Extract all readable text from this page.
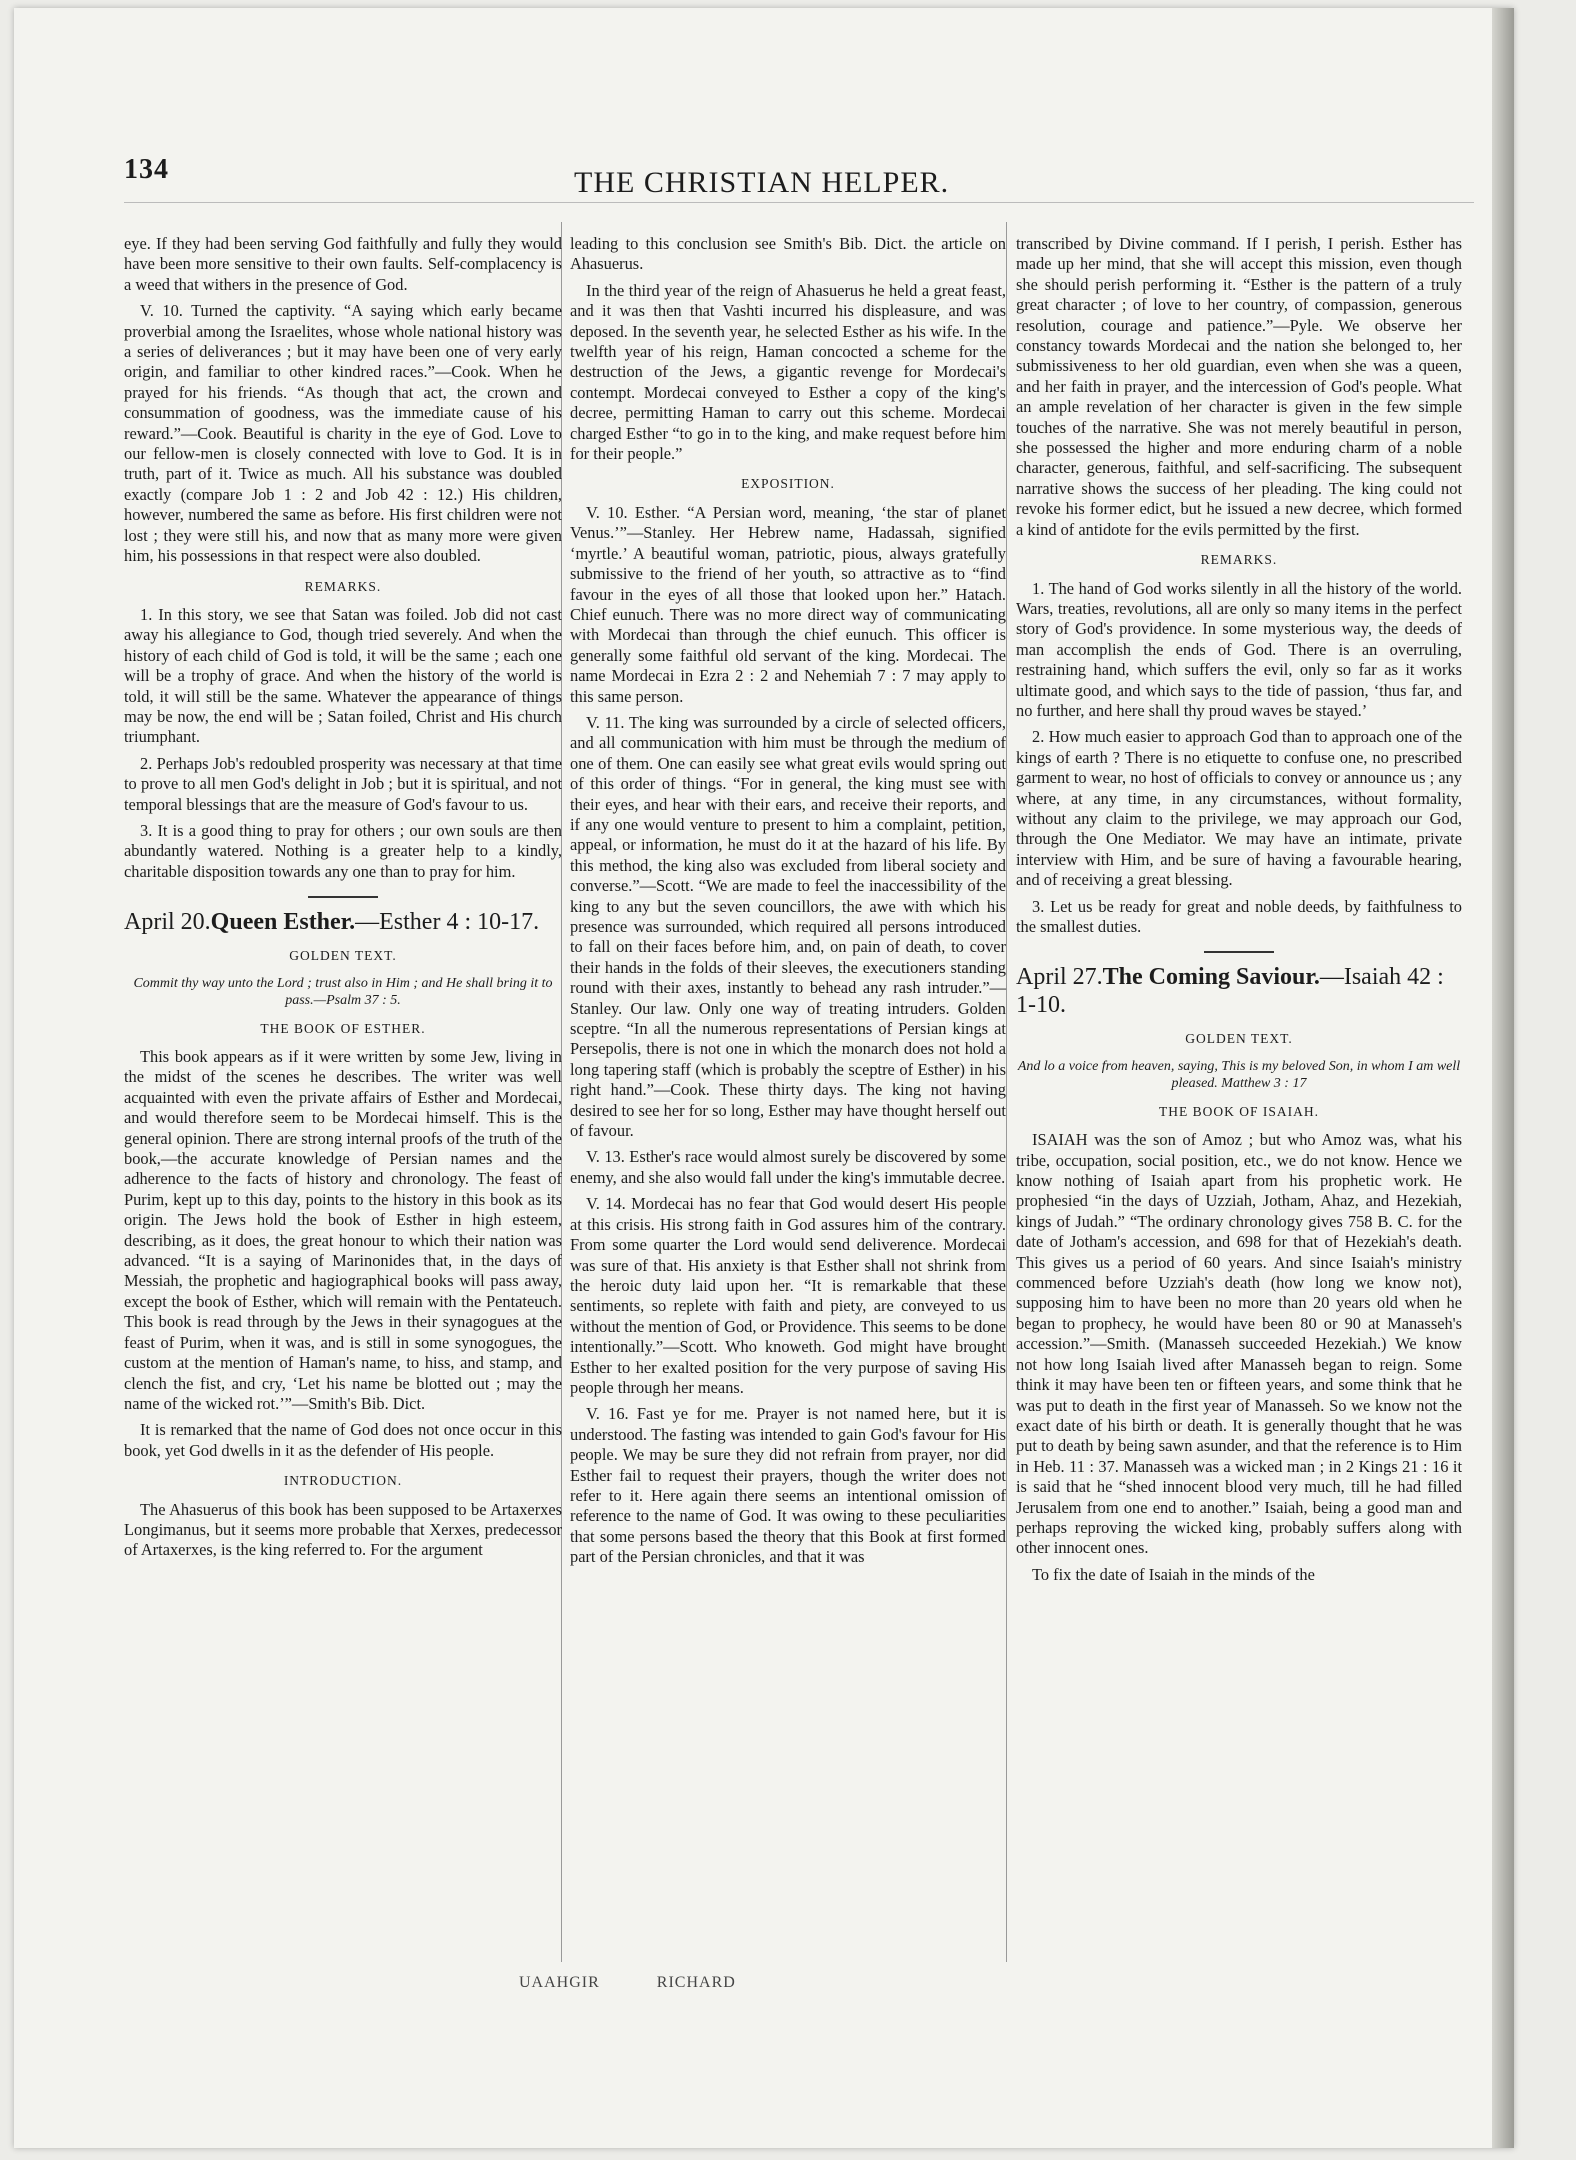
134	THE CHRISTIAN HELPER.

eye. If they had been serving God faithfully and fully they would have been more sensitive to their own faults. Self-complacency is a weed that withers in the presence of God.

V. 10. Turned the captivity. “A saying which early became proverbial among the Israelites, whose whole national history was a series of deliverances ; but it may have been one of very early origin, and familiar to other kindred races.”—Cook. When he prayed for his friends. “As though that act, the crown and consummation of goodness, was the immediate cause of his reward.”—Cook. Beautiful is charity in the eye of God. Love to our fellow-men is closely connected with love to God. It is in truth, part of it. Twice as much. All his substance was doubled exactly (compare Job 1 : 2 and Job 42 : 12.) His children, however, numbered the same as before. His first children were not lost ; they were still his, and now that as many more were given him, his possessions in that respect were also doubled.

REMARKS.

1. In this story, we see that Satan was foiled. Job did not cast away his allegiance to God, though tried severely. And when the history of each child of God is told, it will be the same ; each one will be a trophy of grace. And when the history of the world is told, it will still be the same. Whatever the appearance of things may be now, the end will be ; Satan foiled, Christ and His church triumphant.

2. Perhaps Job's redoubled prosperity was necessary at that time to prove to all men God's delight in Job ; but it is spiritual, and not temporal blessings that are the measure of God's favour to us.

3. It is a good thing to pray for others ; our own souls are then abundantly watered. Nothing is a greater help to a kindly, charitable disposition towards any one than to pray for him.

April 20.Queen Esther.—Esther 4 : 10-17.
GOLDEN TEXT.
Commit thy way unto the Lord ; trust also in Him ; and He shall bring it to pass.—Psalm 37 : 5.
THE BOOK OF ESTHER.

This book appears as if it were written by some Jew, living in the midst of the scenes he describes. The writer was well acquainted with even the private affairs of Esther and Mordecai, and would therefore seem to be Mordecai himself. This is the general opinion. There are strong internal proofs of the truth of the book,—the accurate knowledge of Persian names and the adherence to the facts of history and chronology. The feast of Purim, kept up to this day, points to the history in this book as its origin. The Jews hold the book of Esther in high esteem, describing, as it does, the great honour to which their nation was advanced. “It is a saying of Marinonides that, in the days of Messiah, the prophetic and hagiographical books will pass away, except the book of Esther, which will remain with the Pentateuch. This book is read through by the Jews in their synagogues at the feast of Purim, when it was, and is still in some synogogues, the custom at the mention of Haman's name, to hiss, and stamp, and clench the fist, and cry, ‘Let his name be blotted out ; may the name of the wicked rot.’”—Smith's Bib. Dict.

It is remarked that the name of God does not once occur in this book, yet God dwells in it as the defender of His people.

INTRODUCTION.

The Ahasuerus of this book has been supposed to be Artaxerxes Longimanus, but it seems more probable that Xerxes, predecessor of Artaxerxes, is the king referred to. For the argument

leading to this conclusion see Smith's Bib. Dict. the article on Ahasuerus.

In the third year of the reign of Ahasuerus he held a great feast, and it was then that Vashti incurred his displeasure, and was deposed. In the seventh year, he selected Esther as his wife. In the twelfth year of his reign, Haman concocted a scheme for the destruction of the Jews, a gigantic revenge for Mordecai's contempt. Mordecai conveyed to Esther a copy of the king's decree, permitting Haman to carry out this scheme. Mordecai charged Esther “to go in to the king, and make request before him for their people.”

EXPOSITION.

V. 10. Esther. “A Persian word, meaning, ‘the star of planet Venus.’”—Stanley. Her Hebrew name, Hadassah, signified ‘myrtle.’ A beautiful woman, patriotic, pious, always gratefully submissive to the friend of her youth, so attractive as to “find favour in the eyes of all those that looked upon her.” Hatach. Chief eunuch. There was no more direct way of communicating with Mordecai than through the chief eunuch. This officer is generally some faithful old servant of the king. Mordecai. The name Mordecai in Ezra 2 : 2 and Nehemiah 7 : 7 may apply to this same person.

V. 11. The king was surrounded by a circle of selected officers, and all communication with him must be through the medium of one of them. One can easily see what great evils would spring out of this order of things. “For in general, the king must see with their eyes, and hear with their ears, and receive their reports, and if any one would venture to present to him a complaint, petition, appeal, or information, he must do it at the hazard of his life. By this method, the king also was excluded from liberal society and converse.”—Scott. “We are made to feel the inaccessibility of the king to any but the seven councillors, the awe with which his presence was surrounded, which required all persons introduced to fall on their faces before him, and, on pain of death, to cover their hands in the folds of their sleeves, the executioners standing round with their axes, instantly to behead any rash intruder.”—Stanley. Our law. Only one way of treating intruders. Golden sceptre. “In all the numerous representations of Persian kings at Persepolis, there is not one in which the monarch does not hold a long tapering staff (which is probably the sceptre of Esther) in his right hand.”—Cook. These thirty days. The king not having desired to see her for so long, Esther may have thought herself out of favour.

V. 13. Esther's race would almost surely be discovered by some enemy, and she also would fall under the king's immutable decree.

V. 14. Mordecai has no fear that God would desert His people at this crisis. His strong faith in God assures him of the contrary. From some quarter the Lord would send deliverence. Mordecai was sure of that. His anxiety is that Esther shall not shrink from the heroic duty laid upon her. “It is remarkable that these sentiments, so replete with faith and piety, are conveyed to us without the mention of God, or Providence. This seems to be done intentionally.”—Scott. Who knoweth. God might have brought Esther to her exalted position for the very purpose of saving His people through her means.

V. 16. Fast ye for me. Prayer is not named here, but it is understood. The fasting was intended to gain God's favour for His people. We may be sure they did not refrain from prayer, nor did Esther fail to request their prayers, though the writer does not refer to it. Here again there seems an intentional omission of reference to the name of God. It was owing to these peculiarities that some persons based the theory that this Book at first formed part of the Persian chronicles, and that it was

transcribed by Divine command. If I perish, I perish. Esther has made up her mind, that she will accept this mission, even though she should perish performing it. “Esther is the pattern of a truly great character ; of love to her country, of compassion, generous resolution, courage and patience.”—Pyle. We observe her constancy towards Mordecai and the nation she belonged to, her submissiveness to her old guardian, even when she was a queen, and her faith in prayer, and the intercession of God's people. What an ample revelation of her character is given in the few simple touches of the narrative. She was not merely beautiful in person, she possessed the higher and more enduring charm of a noble character, generous, faithful, and self-sacrificing. The subsequent narrative shows the success of her pleading. The king could not revoke his former edict, but he issued a new decree, which formed a kind of antidote for the evils permitted by the first.

REMARKS.

1. The hand of God works silently in all the history of the world. Wars, treaties, revolutions, all are only so many items in the perfect story of God's providence. In some mysterious way, the deeds of man accomplish the ends of God. There is an overruling, restraining hand, which suffers the evil, only so far as it works ultimate good, and which says to the tide of passion, ‘thus far, and no further, and here shall thy proud waves be stayed.’

2. How much easier to approach God than to approach one of the kings of earth ? There is no etiquette to confuse one, no prescribed garment to wear, no host of officials to convey or announce us ; any where, at any time, in any circumstances, without formality, without any claim to the privilege, we may approach our God, through the One Mediator. We may have an intimate, private interview with Him, and be sure of having a favourable hearing, and of receiving a great blessing.

3. Let us be ready for great and noble deeds, by faithfulness to the smallest duties.

April 27.The Coming Saviour.—Isaiah 42 : 1-10.
GOLDEN TEXT.
And lo a voice from heaven, saying, This is my beloved Son, in whom I am well pleased. Matthew 3 : 17
THE BOOK OF ISAIAH.

ISAIAH was the son of Amoz ; but who Amoz was, what his tribe, occupation, social position, etc., we do not know. Hence we know nothing of Isaiah apart from his prophetic work. He prophesied “in the days of Uzziah, Jotham, Ahaz, and Hezekiah, kings of Judah.” “The ordinary chronology gives 758 B. C. for the date of Jotham's accession, and 698 for that of Hezekiah's death. This gives us a period of 60 years. And since Isaiah's ministry commenced before Uzziah's death (how long we know not), supposing him to have been no more than 20 years old when he began to prophecy, he would have been 80 or 90 at Manasseh's accession.”—Smith. (Manasseh succeeded Hezekiah.) We know not how long Isaiah lived after Manasseh began to reign. Some think it may have been ten or fifteen years, and some think that he was put to death in the first year of Manasseh. So we know not the exact date of his birth or death. It is generally thought that he was put to death by being sawn asunder, and that the reference is to Him in Heb. 11 : 37. Manasseh was a wicked man ; in 2 Kings 21 : 16 it is said that he “shed innocent blood very much, till he had filled Jerusalem from one end to another.” Isaiah, being a good man and perhaps reproving the wicked king, probably suffers along with other innocent ones.

To fix the date of Isaiah in the minds of the

UAAHGIR	RICHARD
